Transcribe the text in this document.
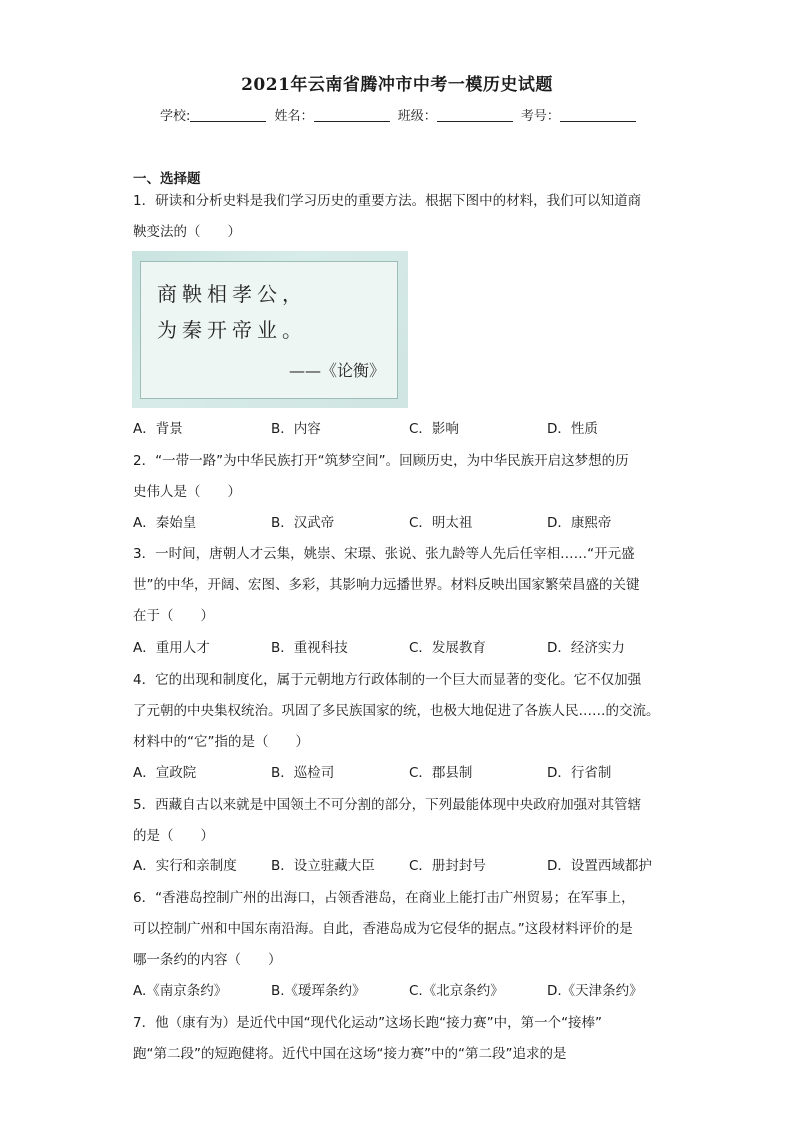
2021年云南省腾冲市中考一模历史试题
学校:	姓名：	班级：	考号：
一、选择题
1．研读和分析史料是我们学习历史的重要方法。根据下图中的材料，我们可以知道商
鞅变法的（　　）
商鞅相孝公，
为秦开帝业。
——《论衡》
A．背景	B．内容	C．影响	D．性质
2．“一带一路”为中华民族打开“筑梦空间”。回顾历史，为中华民族开启这梦想的历
史伟人是（　　）
A．秦始皇	B．汉武帝	C．明太祖	D．康熙帝
3．一时间，唐朝人才云集，姚崇、宋璟、张说、张九龄等人先后任宰相……“开元盛
世”的中华，开阔、宏图、多彩，其影响力远播世界。材料反映出国家繁荣昌盛的关键
在于（　　）
A．重用人才	B．重视科技	C．发展教育	D．经济实力
4．它的出现和制度化，属于元朝地方行政体制的一个巨大而显著的变化。它不仅加强
了元朝的中央集权统治。巩固了多民族国家的统，也极大地促进了各族人民……的交流。
材料中的“它”指的是（　　）
A．宣政院	B．巡检司	C．郡县制	D．行省制
5．西藏自古以来就是中国领土不可分割的部分，下列最能体现中央政府加强对其管辖
的是（　　）
A．实行和亲制度	B．设立驻藏大臣	C．册封封号	D．设置西域都护
6．“香港岛控制广州的出海口，占领香港岛，在商业上能打击广州贸易；在军事上，
可以控制广州和中国东南沿海。自此，香港岛成为它侵华的据点。”这段材料评价的是
哪一条约的内容（　　）
A.《南京条约》	B.《瑷珲条约》	C.《北京条约》	D.《天津条约》
7．他（康有为）是近代中国“现代化运动”这场长跑“接力赛”中，第一个“接棒”
跑“第二段”的短跑健将。近代中国在这场“接力赛”中的“第二段”追求的是
